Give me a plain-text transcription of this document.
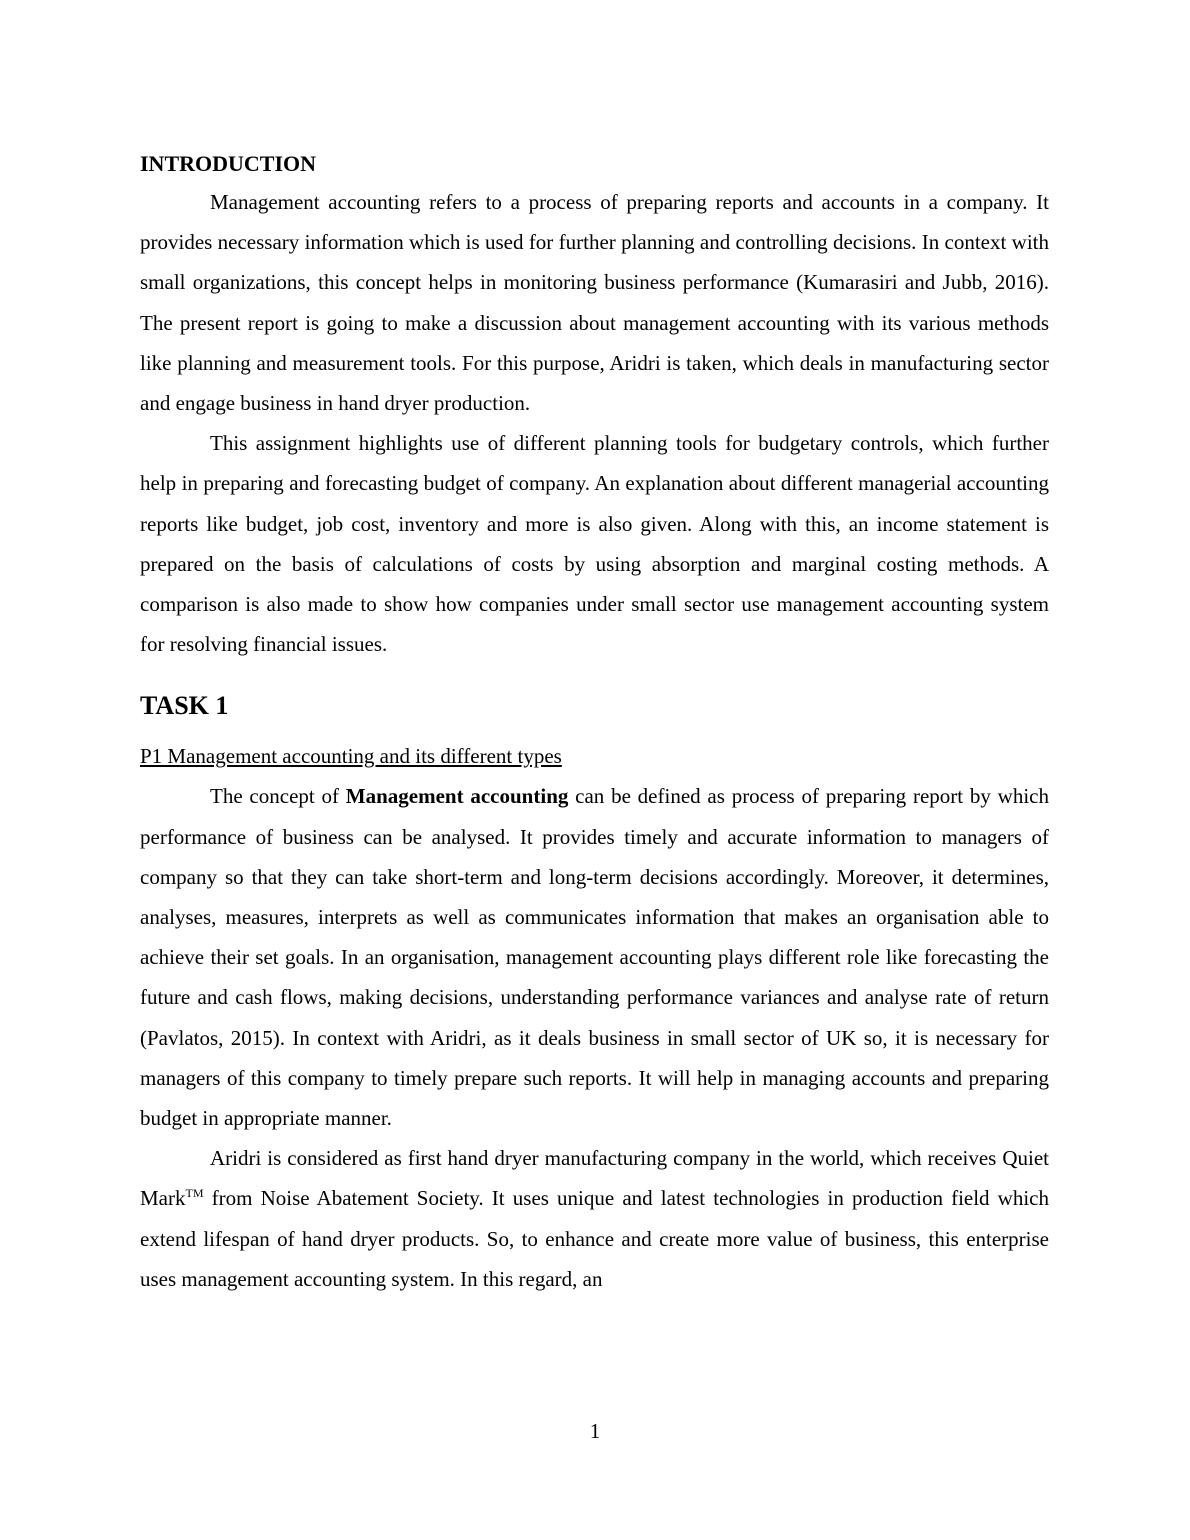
INTRODUCTION

Management accounting refers to a process of preparing reports and accounts in a company. It provides necessary information which is used for further planning and controlling decisions. In context with small organizations, this concept helps in monitoring business performance (Kumarasiri and Jubb, 2016). The present report is going to make a discussion about management accounting with its various methods like planning and measurement tools. For this purpose, Aridri is taken, which deals in manufacturing sector and engage business in hand dryer production.

This assignment highlights use of different planning tools for budgetary controls, which further help in preparing and forecasting budget of company. An explanation about different managerial accounting reports like budget, job cost, inventory and more is also given. Along with this, an income statement is prepared on the basis of calculations of costs by using absorption and marginal costing methods. A comparison is also made to show how companies under small sector use management accounting system for resolving financial issues.

TASK 1
P1 Management accounting and its different types

The concept of Management accounting can be defined as process of preparing report by which performance of business can be analysed. It provides timely and accurate information to managers of company so that they can take short-term and long-term decisions accordingly. Moreover, it determines, analyses, measures, interprets as well as communicates information that makes an organisation able to achieve their set goals. In an organisation, management accounting plays different role like forecasting the future and cash flows, making decisions, understanding performance variances and analyse rate of return (Pavlatos, 2015). In context with Aridri, as it deals business in small sector of UK so, it is necessary for managers of this company to timely prepare such reports. It will help in managing accounts and preparing budget in appropriate manner.

Aridri is considered as first hand dryer manufacturing company in the world, which receives Quiet Mark™ from Noise Abatement Society. It uses unique and latest technologies in production field which extend lifespan of hand dryer products. So, to enhance and create more value of business, this enterprise uses management accounting system. In this regard, an

1
